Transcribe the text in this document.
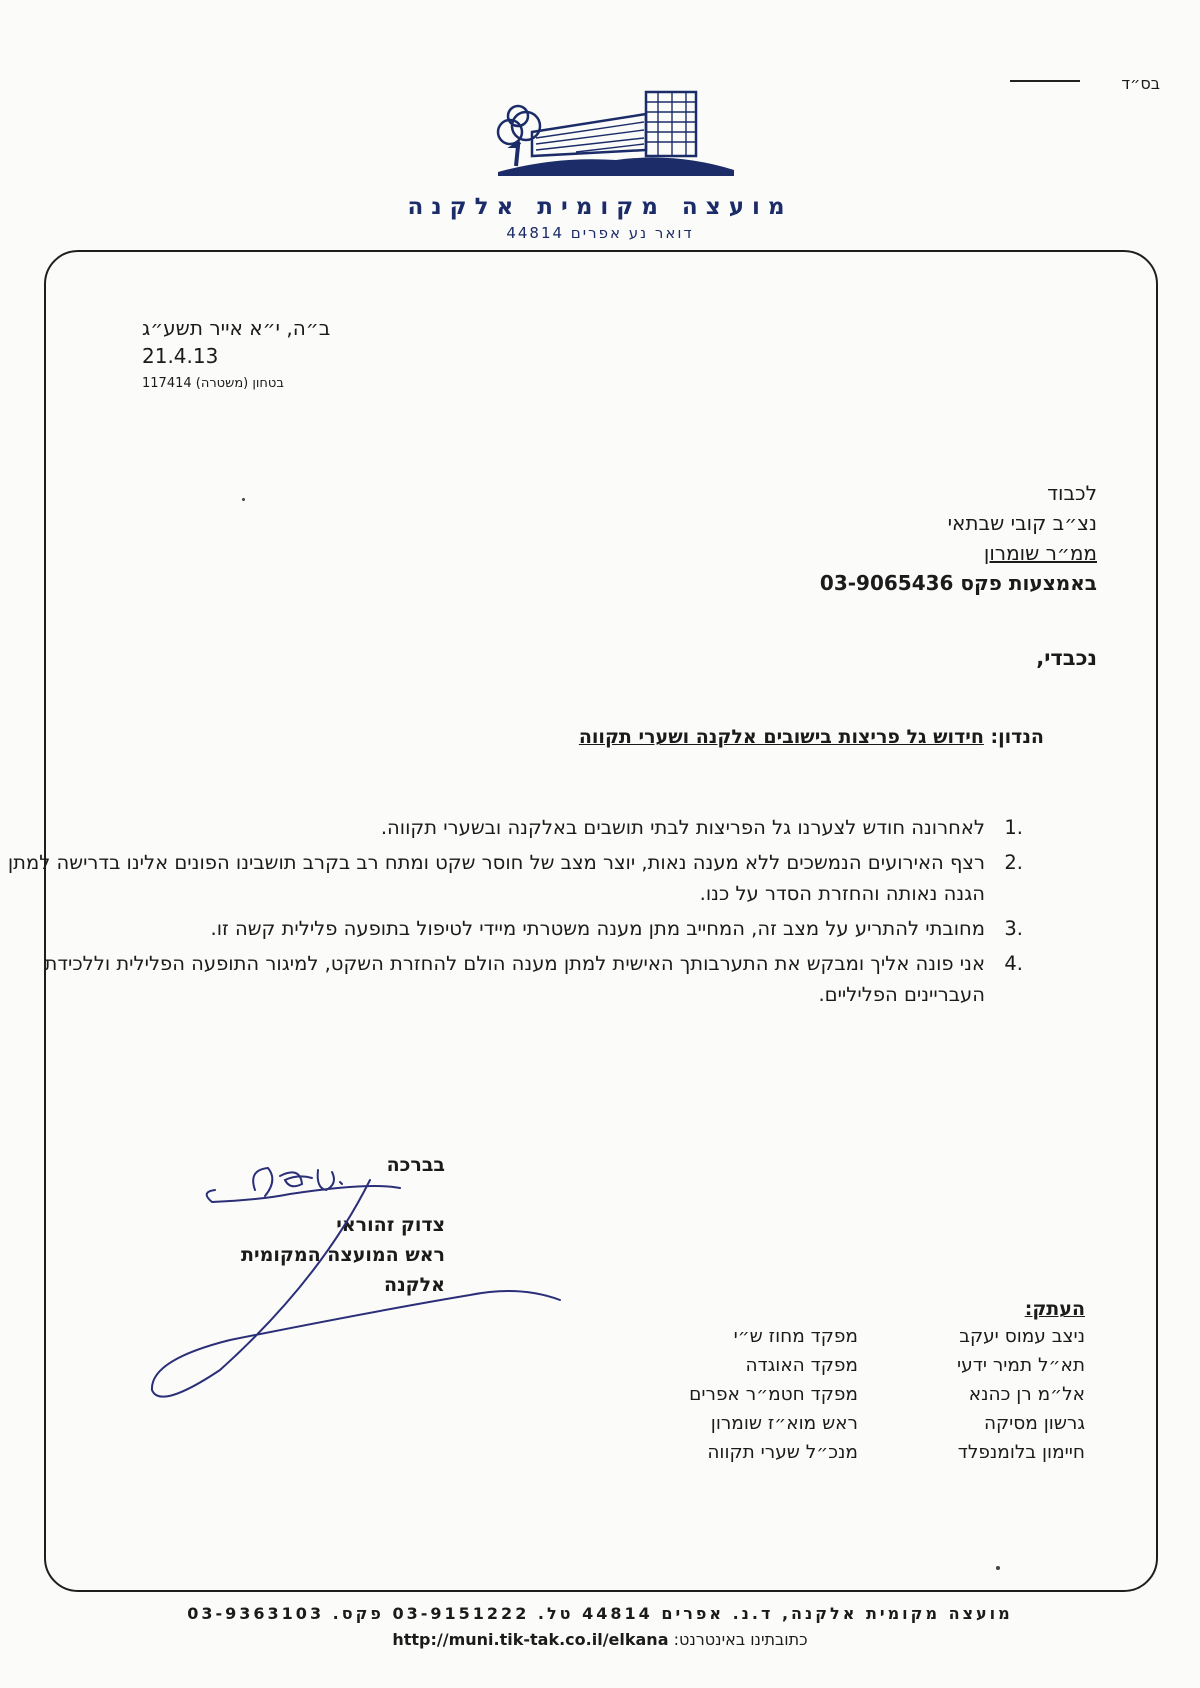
בס״ד
מועצה מקומית אלקנה
דואר נע אפרים 44814
ב״ה, י״א אייר תשע״ג
21.4.13
בטחון (משטרה) 117414
לכבוד
נצ״ב קובי שבתאי
ממ״ר שומרון
באמצעות פקס 03-9065436
נכבדי,
הנדון: חידוש גל פריצות בישובים אלקנה ושערי תקווה
1.
לאחרונה חודש לצערנו גל הפריצות לבתי תושבים באלקנה ובשערי תקווה.
2.
רצף האירועים הנמשכים ללא מענה נאות, יוצר מצב של חוסר שקט ומתח רב בקרב תושבינו הפונים אלינו בדרישה למתן הגנה נאותה והחזרת הסדר על כנו.
3.
מחובתי להתריע על מצב זה, המחייב מתן מענה משטרתי מיידי לטיפול בתופעה פלילית קשה זו.
4.
אני פונה אליך ומבקש את התערבותך האישית למתן מענה הולם להחזרת השקט, למיגור התופעה הפלילית וללכידת העבריינים הפליליים.
בברכה
צדוק זהוראי
ראש המועצה המקומית
אלקנה
העתק:
ניצב עמוס יעקב
תא״ל תמיר ידעי
אל״מ רן כהנא
גרשון מסיקה
חיימון בלומנפלד
מפקד מחוז ש״י
מפקד האוגדה
מפקד חטמ״ר אפרים
ראש מוא״ז שומרון
מנכ״ל שערי תקווה
מועצה מקומית אלקנה, ד.נ. אפרים 44814 טל. 03-9151222 פקס. 03-9363103
כתובתינו באינטרנט: http://muni.tik-tak.co.il/elkana
